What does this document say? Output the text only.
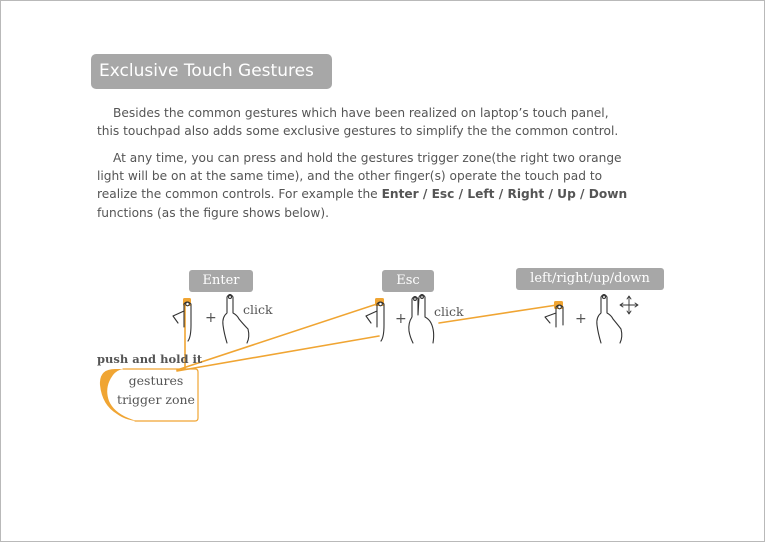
Exclusive Touch Gestures
Besides the common gestures which have been realized on laptop’s touch panel,
this touchpad also adds some exclusive gestures to simplify the the common control.
At any time, you can press and hold the gestures trigger zone(the right two orange
light will be on at the same time), and the other finger(s) operate the touch pad to
realize the common controls. For example the Enter / Esc / Left / Right / Up / Down
functions (as the figure shows below).
Enter	Esc	left/right/up/down
+	+	+
click	click
push and hold it
gestures
trigger zone
